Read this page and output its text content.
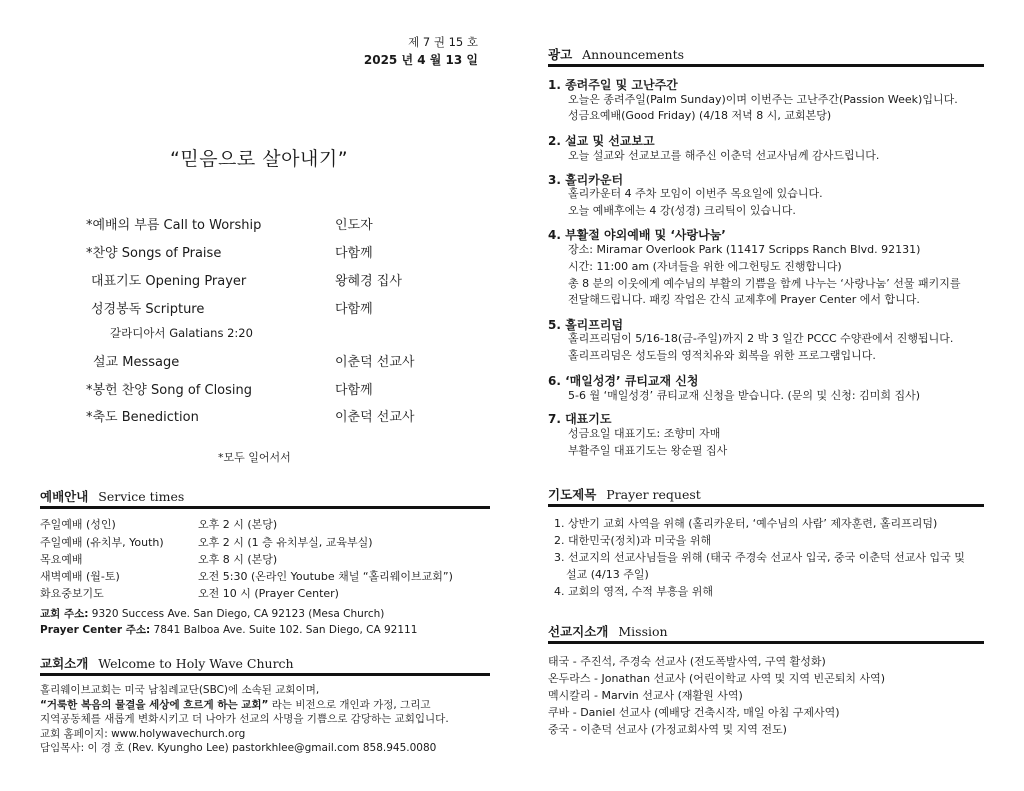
제 7 권 15 호
2025 년 4 월 13 일
“믿음으로 살아내기”
*예배의 부름 Call to Worship	인도자
*찬양 Songs of Praise	다함께
대표기도 Opening Prayer	왕혜경 집사
성경봉독 Scripture	다함께
갈라디아서 Galatians 2:20
설교 Message	이춘덕 선교사
*봉헌 찬양 Song of Closing	다함께
*축도 Benediction	이춘덕 선교사
*모두 일어서서
예배안내 Service times
주일예배 (성인)	오후 2 시 (본당)
주일예배 (유치부, Youth)	오후 2 시 (1 층 유치부실, 교육부실)
목요예배	오후 8 시 (본당)
새벽예배 (월-토)	오전 5:30 (온라인 Youtube 채널 “홀리웨이브교회”)
화요중보기도	오전 10 시 (Prayer Center)
교회 주소: 9320 Success Ave. San Diego, CA 92123 (Mesa Church)
Prayer Center 주소: 7841 Balboa Ave. Suite 102. San Diego, CA 92111
교회소개 Welcome to Holy Wave Church
홀리웨이브교회는 미국 남침례교단(SBC)에 소속된 교회이며,
“거룩한 복음의 물결을 세상에 흐르게 하는 교회” 라는 비전으로 개인과 가정, 그리고
지역공동체를 새롭게 변화시키고 더 나아가 선교의 사명을 기쁨으로 감당하는 교회입니다.
교회 홈페이지: www.holywavechurch.org
담임목사: 이 경 호 (Rev. Kyungho Lee) pastorkhlee@gmail.com 858.945.0080
광고 Announcements
1. 종려주일 및 고난주간
오늘은 종려주일(Palm Sunday)이며 이번주는 고난주간(Passion Week)입니다.
성금요예배(Good Friday) (4/18 저녁 8 시, 교회본당)
2. 설교 및 선교보고
오늘 설교와 선교보고를 해주신 이춘덕 선교사님께 감사드립니다.
3. 홀리카운터
홀리카운터 4 주차 모임이 이번주 목요일에 있습니다.
오늘 예배후에는 4 강(성경) 크리틱이 있습니다.
4. 부활절 야외예배 및 ‘사랑나눔’
장소: Miramar Overlook Park (11417 Scripps Ranch Blvd. 92131)
시간: 11:00 am (자녀들을 위한 에그헌팅도 진행합니다)
총 8 분의 이웃에게 예수님의 부활의 기쁨을 함께 나누는 ‘사랑나눔’ 선물 패키지를
전달해드립니다. 패킹 작업은 간식 교제후에 Prayer Center 에서 합니다.
5. 홀리프리덤
홀리프리덤이 5/16-18(금-주일)까지 2 박 3 일간 PCCC 수양관에서 진행됩니다.
홀리프리덤은 성도들의 영적치유와 회복을 위한 프로그램입니다.
6. ‘매일성경’ 큐티교재 신청
5-6 월 ‘매일성경’ 큐티교재 신청을 받습니다. (문의 및 신청: 김미희 집사)
7. 대표기도
성금요일 대표기도: 조향미 자매
부활주일 대표기도는 왕순필 집사
기도제목 Prayer request
1. 상반기 교회 사역을 위해 (홀리카운터, ‘예수님의 사람’ 제자훈련, 홀리프리덤)
2. 대한민국(정치)과 미국을 위해
3. 선교지의 선교사님들을 위해 (태국 주경숙 선교사 입국, 중국 이춘덕 선교사 입국 및
설교 (4/13 주일)
4. 교회의 영적, 수적 부흥을 위해
선교지소개 Mission
태국 - 주진석, 주경숙 선교사 (전도폭발사역, 구역 활성화)
온두라스 - Jonathan 선교사 (어린이학교 사역 및 지역 빈곤퇴치 사역)
멕시칼리 - Marvin 선교사 (재활원 사역)
쿠바 - Daniel 선교사 (예배당 건축시작, 매일 아침 구제사역)
중국 - 이춘덕 선교사 (가정교회사역 및 지역 전도)
